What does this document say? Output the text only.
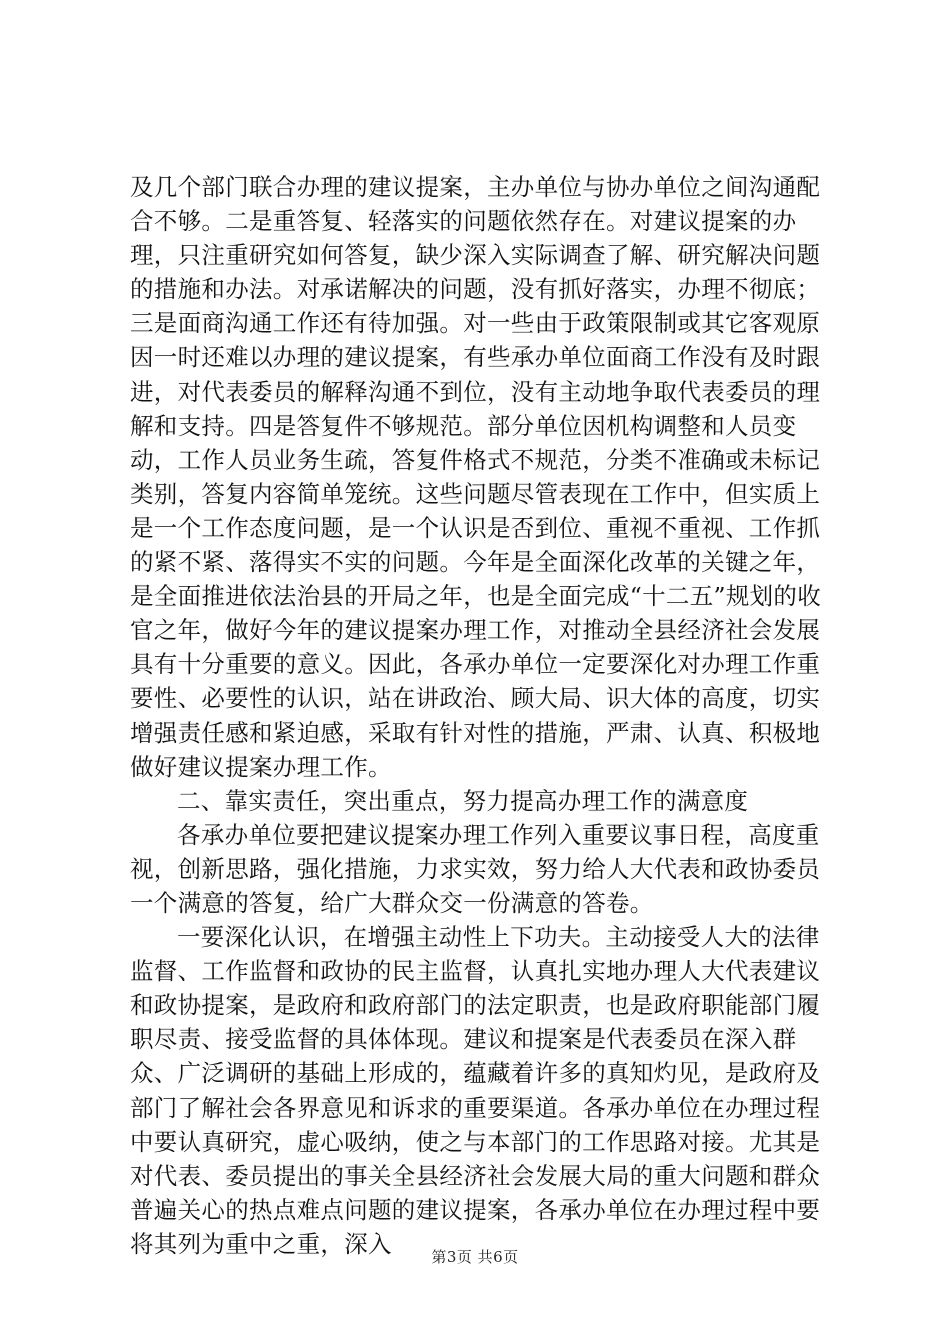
及几个部门联合办理的建议提案，主办单位与协办单位之间沟通配合不够。二是重答复、轻落实的问题依然存在。对建议提案的办理，只注重研究如何答复，缺少深入实际调查了解、研究解决问题的措施和办法。对承诺解决的问题，没有抓好落实，办理不彻底；三是面商沟通工作还有待加强。对一些由于政策限制或其它客观原因一时还难以办理的建议提案，有些承办单位面商工作没有及时跟进，对代表委员的解释沟通不到位，没有主动地争取代表委员的理解和支持。四是答复件不够规范。部分单位因机构调整和人员变动，工作人员业务生疏，答复件格式不规范，分类不准确或未标记类别，答复内容简单笼统。这些问题尽管表现在工作中，但实质上是一个工作态度问题，是一个认识是否到位、重视不重视、工作抓的紧不紧、落得实不实的问题。今年是全面深化改革的关键之年，是全面推进依法治县的开局之年，也是全面完成“十二五”规划的收官之年，做好今年的建议提案办理工作，对推动全县经济社会发展具有十分重要的意义。因此，各承办单位一定要深化对办理工作重要性、必要性的认识，站在讲政治、顾大局、识大体的高度，切实增强责任感和紧迫感，采取有针对性的措施，严肃、认真、积极地做好建议提案办理工作。

二、靠实责任，突出重点，努力提高办理工作的满意度

各承办单位要把建议提案办理工作列入重要议事日程，高度重视，创新思路，强化措施，力求实效，努力给人大代表和政协委员一个满意的答复，给广大群众交一份满意的答卷。

一要深化认识，在增强主动性上下功夫。主动接受人大的法律监督、工作监督和政协的民主监督，认真扎实地办理人大代表建议和政协提案，是政府和政府部门的法定职责，也是政府职能部门履职尽责、接受监督的具体体现。建议和提案是代表委员在深入群众、广泛调研的基础上形成的，蕴藏着许多的真知灼见，是政府及部门了解社会各界意见和诉求的重要渠道。各承办单位在办理过程中要认真研究，虚心吸纳，使之与本部门的工作思路对接。尤其是对代表、委员提出的事关全县经济社会发展大局的重大问题和群众普遍关心的热点难点问题的建议提案，各承办单位在办理过程中要将其列为重中之重，深入	第3页 共6页
